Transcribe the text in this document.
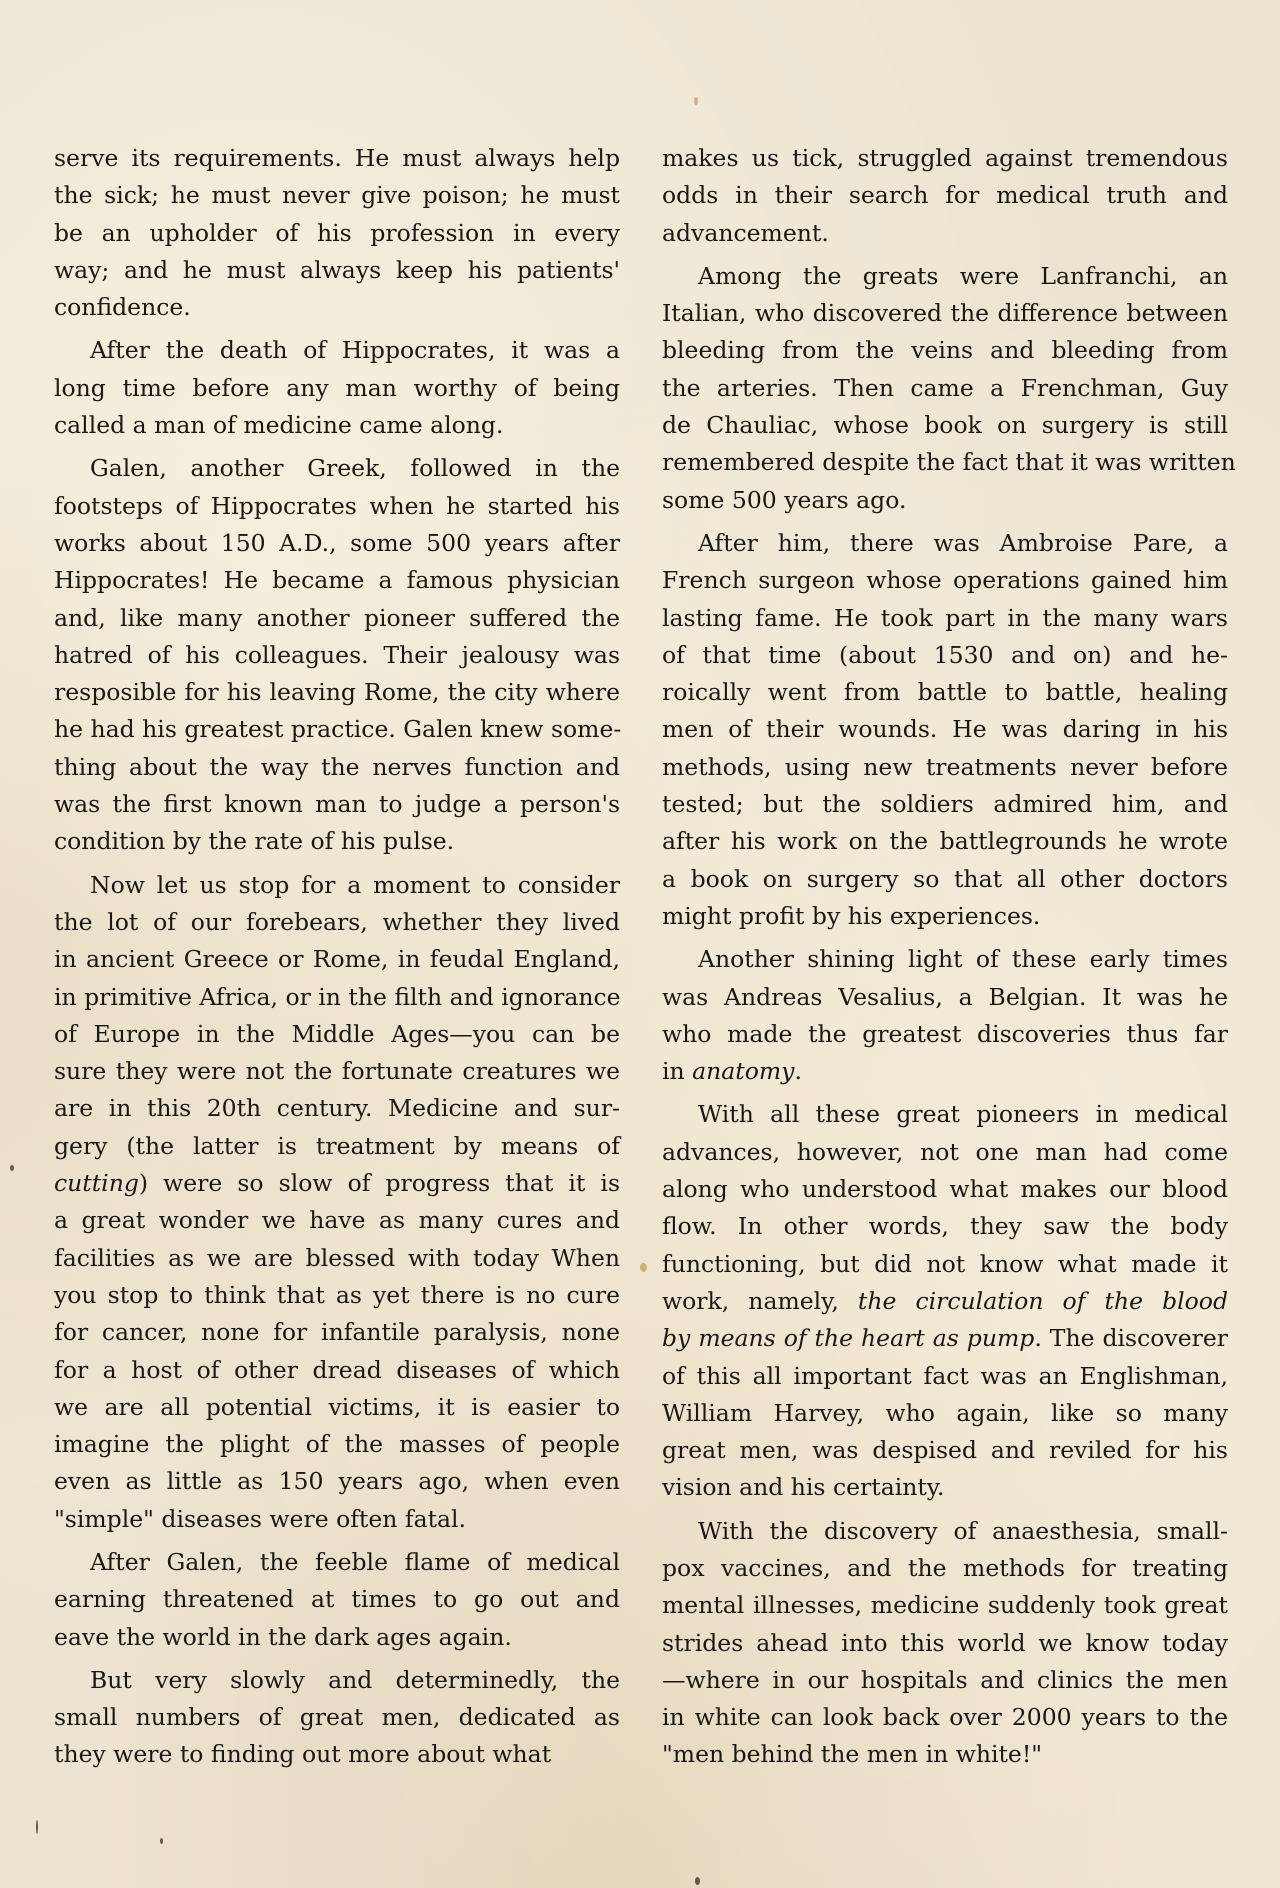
serve its requirements. He must always help
the sick; he must never give poison; he must
be an upholder of his profession in every
way; and he must always keep his patients'
confidence.
After the death of Hippocrates, it was a
long time before any man worthy of being
called a man of medicine came along.
Galen, another Greek, followed in the
footsteps of Hippocrates when he started his
works about 150 A.D., some 500 years after
Hippocrates! He became a famous physician
and, like many another pioneer suffered the
hatred of his colleagues. Their jealousy was
resposible for his leaving Rome, the city where
he had his greatest practice. Galen knew some-
thing about the way the nerves function and
was the first known man to judge a person's
condition by the rate of his pulse.
Now let us stop for a moment to consider
the lot of our forebears, whether they lived
in ancient Greece or Rome, in feudal England,
in primitive Africa, or in the filth and ignorance
of Europe in the Middle Ages—you can be
sure they were not the fortunate creatures we
are in this 20th century. Medicine and sur-
gery (the latter is treatment by means of
cutting) were so slow of progress that it is
a great wonder we have as many cures and
facilities as we are blessed with today When
you stop to think that as yet there is no cure
for cancer, none for infantile paralysis, none
for a host of other dread diseases of which
we are all potential victims, it is easier to
imagine the plight of the masses of people
even as little as 150 years ago, when even
"simple" diseases were often fatal.
After Galen, the feeble flame of medical
earning threatened at times to go out and
eave the world in the dark ages again.
But very slowly and determinedly, the
small numbers of great men, dedicated as
they were to finding out more about what
makes us tick, struggled against tremendous
odds in their search for medical truth and
advancement.
Among the greats were Lanfranchi, an
Italian, who discovered the difference between
bleeding from the veins and bleeding from
the arteries. Then came a Frenchman, Guy
de Chauliac, whose book on surgery is still
remembered despite the fact that it was written
some 500 years ago.
After him, there was Ambroise Pare, a
French surgeon whose operations gained him
lasting fame. He took part in the many wars
of that time (about 1530 and on) and he-
roically went from battle to battle, healing
men of their wounds. He was daring in his
methods, using new treatments never before
tested; but the soldiers admired him, and
after his work on the battlegrounds he wrote
a book on surgery so that all other doctors
might profit by his experiences.
Another shining light of these early times
was Andreas Vesalius, a Belgian. It was he
who made the greatest discoveries thus far
in anatomy.
With all these great pioneers in medical
advances, however, not one man had come
along who understood what makes our blood
flow. In other words, they saw the body
functioning, but did not know what made it
work, namely, the circulation of the blood
by means of the heart as pump. The discoverer
of this all important fact was an Englishman,
William Harvey, who again, like so many
great men, was despised and reviled for his
vision and his certainty.
With the discovery of anaesthesia, small-
pox vaccines, and the methods for treating
mental illnesses, medicine suddenly took great
strides ahead into this world we know today
—where in our hospitals and clinics the men
in white can look back over 2000 years to the
"men behind the men in white!"
